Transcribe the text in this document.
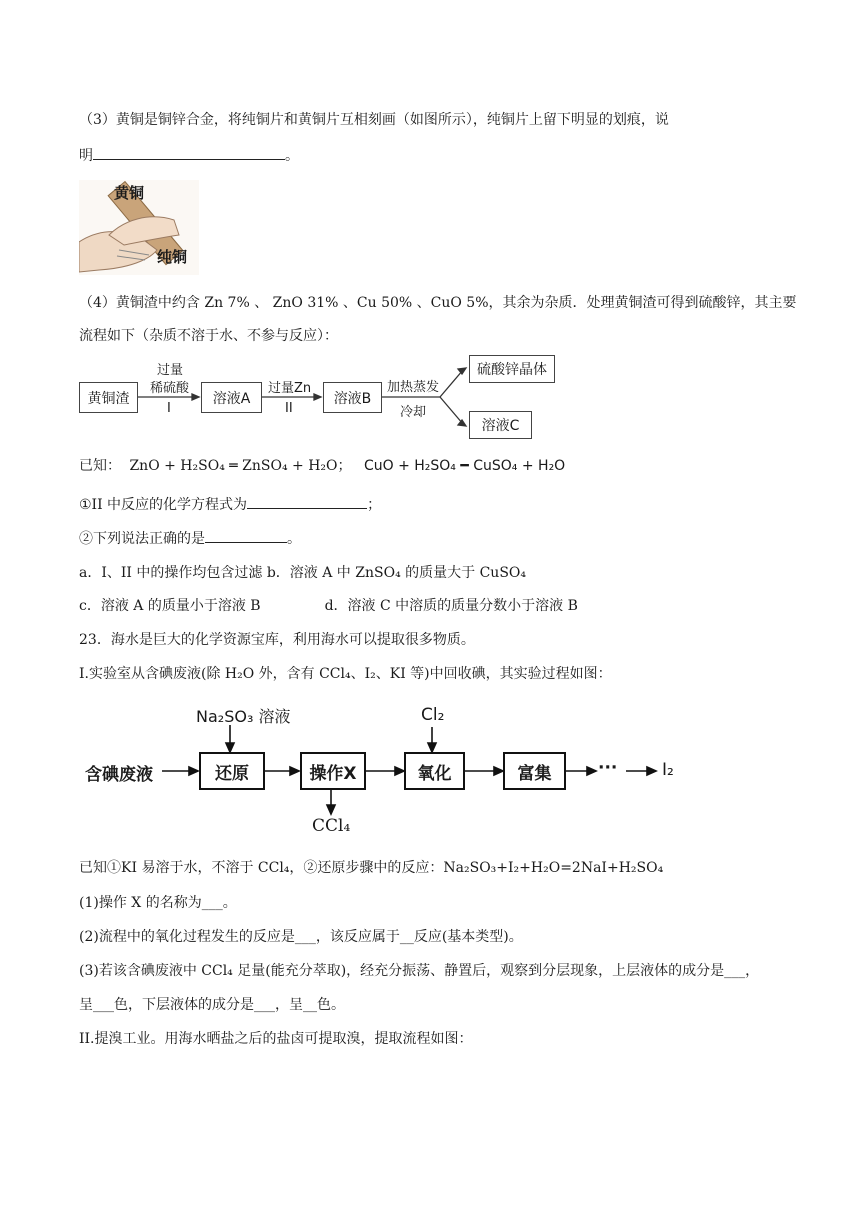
（3）黄铜是铜锌合金，将纯铜片和黄铜片互相刻画（如图所示），纯铜片上留下明显的划痕，说
明	。
黄铜
纯铜
（4）黄铜渣中约含 Zn 7% 、 ZnO 31% 、Cu 50% 、CuO 5%，其余为杂质．处理黄铜渣可得到硫酸锌，其主要
流程如下（杂质不溶于水、不参与反应）：
黄铜渣
过量
稀硫酸
I
溶液A
过量Zn
II
溶液B
加热蒸发
冷却
硫酸锌晶体
溶液C
已知： ZnO + H₂SO₄ ═ ZnSO₄ + H₂O； CuO + H₂SO₄ ━ CuSO₄ + H₂O
①II 中反应的化学方程式为	；
②下列说法正确的是	。
a．I、II 中的操作均包含过滤 b．溶液 A 中 ZnSO₄ 的质量大于 CuSO₄
c．溶液 A 的质量小于溶液 B	d．溶液 C 中溶质的质量分数小于溶液 B
23．海水是巨大的化学资源宝库，利用海水可以提取很多物质。
I.实验室从含碘废液(除 H₂O 外，含有 CCl₄、I₂、KI 等)中回收碘，其实验过程如图：
Na₂SO₃ 溶液
含碘废液	还原	操作X	氧化	富集
Cl₂
CCl₄
···	I₂
已知①KI 易溶于水，不溶于 CCl₄，②还原步骤中的反应：Na₂SO₃+I₂+H₂O=2NaI+H₂SO₄
(1)操作 X 的名称为___。
(2)流程中的氧化过程发生的反应是___，该反应属于__反应(基本类型)。
(3)若该含碘废液中 CCl₄ 足量(能充分萃取)，经充分振荡、静置后，观察到分层现象，上层液体的成分是___，
呈___色，下层液体的成分是___，呈__色。
II.提溴工业。用海水晒盐之后的盐卤可提取溴，提取流程如图：
